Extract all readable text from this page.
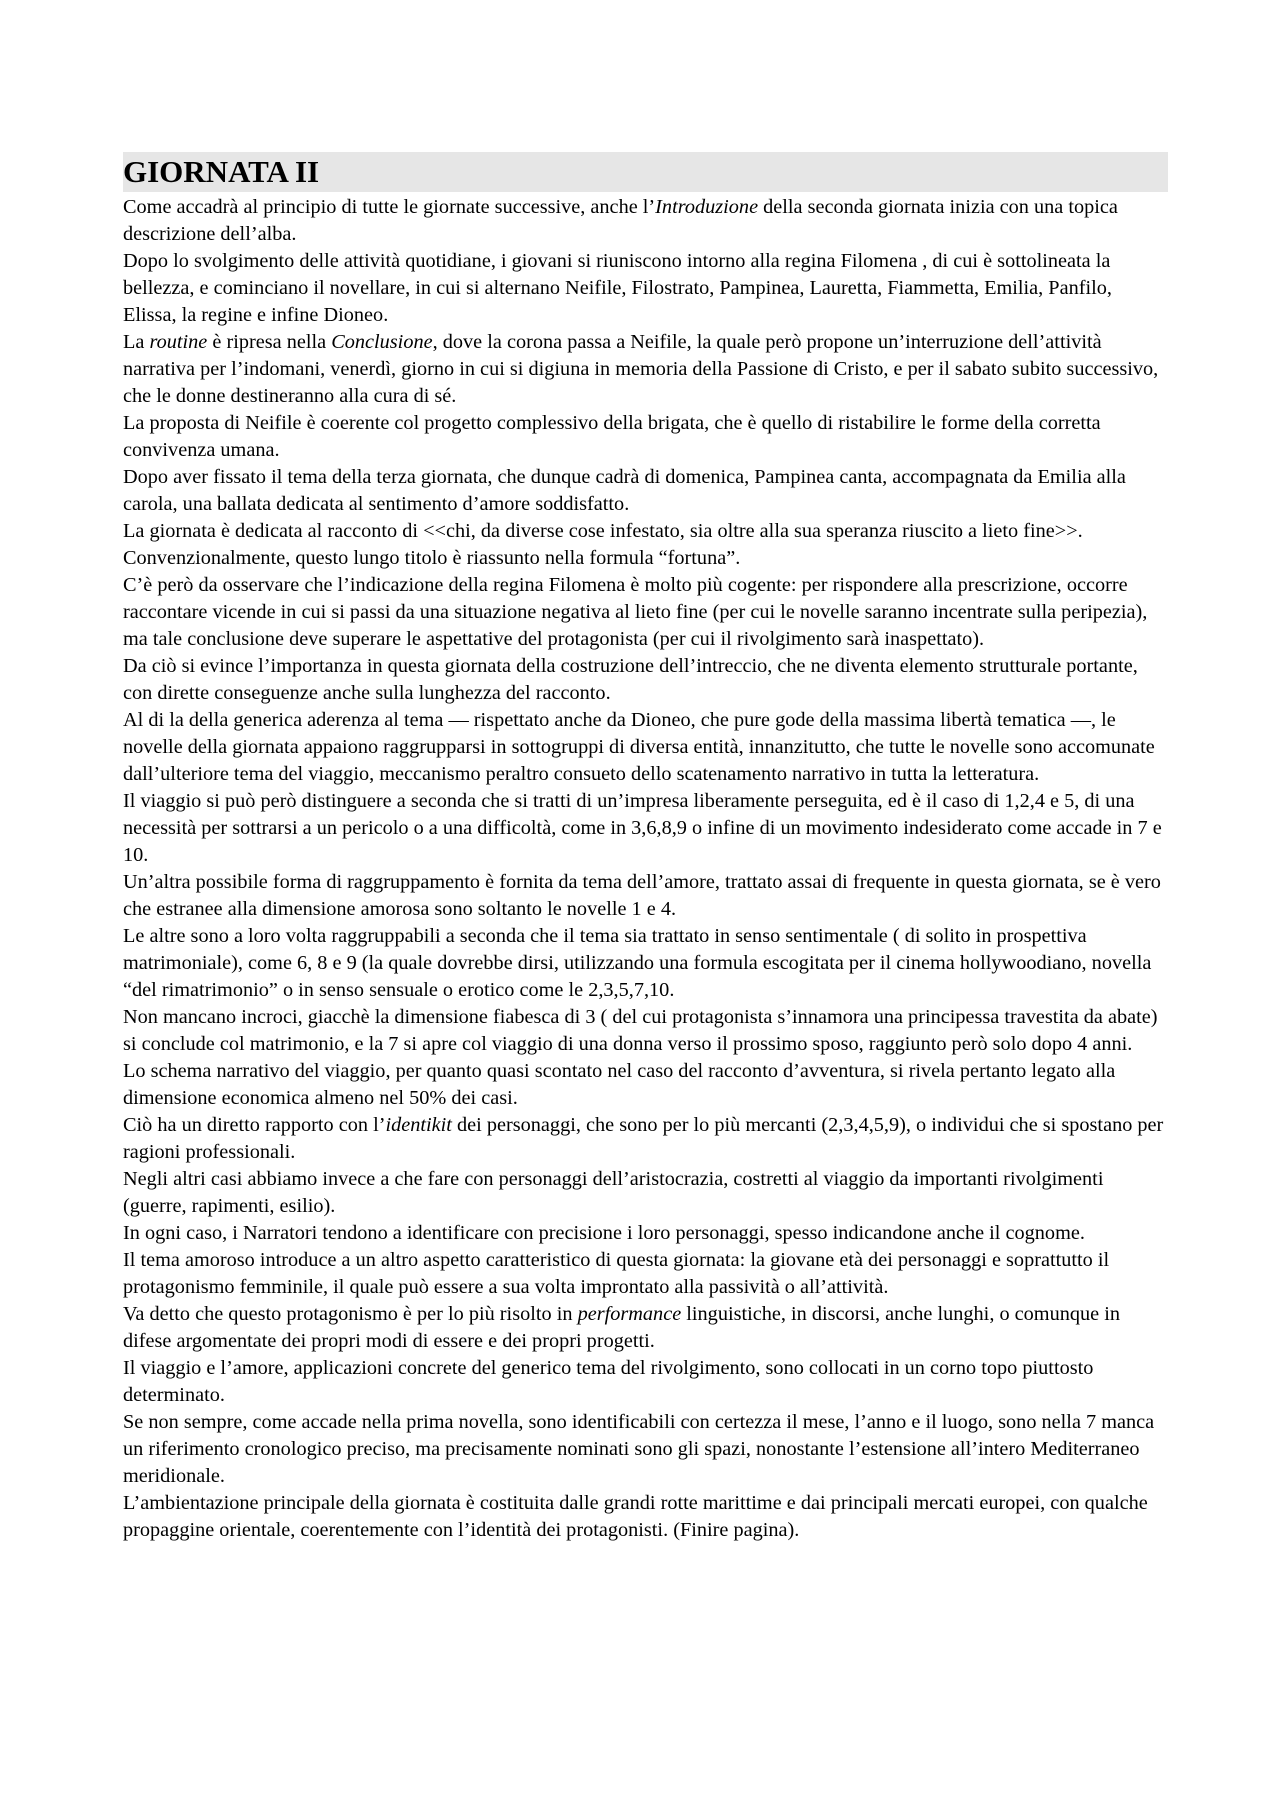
GIORNATA II

Come accadrà al principio di tutte le giornate successive, anche l’Introduzione della seconda giornata inizia con una topica descrizione dell’alba.

Dopo lo svolgimento delle attività quotidiane, i giovani si riuniscono intorno alla regina Filomena , di cui è sottolineata la bellezza, e cominciano il novellare, in cui si alternano Neifile, Filostrato, Pampinea, Lauretta, Fiammetta, Emilia, Panfilo, Elissa, la regine e infine Dioneo.

La routine è ripresa nella Conclusione, dove la corona passa a Neifile, la quale però propone un’interruzione dell’attività narrativa per l’indomani, venerdì, giorno in cui si digiuna in memoria della Passione di Cristo, e per il sabato subito successivo, che le donne destineranno alla cura di sé.

La proposta di Neifile è coerente col progetto complessivo della brigata, che è quello di ristabilire le forme della corretta convivenza umana.

Dopo aver fissato il tema della terza giornata, che dunque cadrà di domenica, Pampinea canta, accompagnata da Emilia alla carola, una ballata dedicata al sentimento d’amore soddisfatto.

La giornata è dedicata al racconto di <<chi, da diverse cose infestato, sia oltre alla sua speranza riuscito a lieto fine>>.

Convenzionalmente, questo lungo titolo è riassunto nella formula “fortuna”.

C’è però da osservare che l’indicazione della regina Filomena è molto più cogente: per rispondere alla prescrizione, occorre raccontare vicende in cui si passi da una situazione negativa al lieto fine (per cui le novelle saranno incentrate sulla peripezia), ma tale conclusione deve superare le aspettative del protagonista (per cui il rivolgimento sarà inaspettato).

Da ciò si evince l’importanza in questa giornata della costruzione dell’intreccio, che ne diventa elemento strutturale portante, con dirette conseguenze anche sulla lunghezza del racconto.

Al di la della generica aderenza al tema — rispettato anche da Dioneo, che pure gode della massima libertà tematica —, le novelle della giornata appaiono raggrupparsi in sottogruppi di diversa entità, innanzitutto, che tutte le novelle sono accomunate dall’ulteriore tema del viaggio, meccanismo peraltro consueto dello scatenamento narrativo in tutta la letteratura.

Il viaggio si può però distinguere a seconda che si tratti di un’impresa liberamente perseguita, ed è il caso di 1,2,4 e 5, di una necessità per sottrarsi a un pericolo o a una difficoltà, come in 3,6,8,9 o infine di un movimento indesiderato come accade in 7 e 10.

Un’altra possibile forma di raggruppamento è fornita da tema dell’amore, trattato assai di frequente in questa giornata, se è vero che estranee alla dimensione amorosa sono soltanto le novelle 1 e 4.

Le altre sono a loro volta raggruppabili a seconda che il tema sia trattato in senso sentimentale ( di solito in prospettiva matrimoniale), come 6, 8 e 9 (la quale dovrebbe dirsi, utilizzando una formula escogitata per il cinema hollywoodiano, novella “del rimatrimonio” o in senso sensuale o erotico come le 2,3,5,7,10.

Non mancano incroci, giacchè la dimensione fiabesca di 3 ( del cui protagonista s’innamora una principessa travestita da abate) si conclude col matrimonio, e la 7 si apre col viaggio di una donna verso il prossimo sposo, raggiunto però solo dopo 4 anni.

Lo schema narrativo del viaggio, per quanto quasi scontato nel caso del racconto d’avventura, si rivela pertanto legato alla dimensione economica almeno nel 50% dei casi.

Ciò ha un diretto rapporto con l’identikit dei personaggi, che sono per lo più mercanti (2,3,4,5,9), o individui che si spostano per ragioni professionali.

Negli altri casi abbiamo invece a che fare con personaggi dell’aristocrazia, costretti al viaggio da importanti rivolgimenti (guerre, rapimenti, esilio).

In ogni caso, i Narratori tendono a identificare con precisione i loro personaggi, spesso indicandone anche il cognome.

Il tema amoroso introduce a un altro aspetto caratteristico di questa giornata: la giovane età dei personaggi e soprattutto il protagonismo femminile, il quale può essere a sua volta improntato alla passività o all’attività.

Va detto che questo protagonismo è per lo più risolto in performance linguistiche, in discorsi, anche lunghi, o comunque in difese argomentate dei propri modi di essere e dei propri progetti.

Il viaggio e l’amore, applicazioni concrete del generico tema del rivolgimento, sono collocati in un corno topo piuttosto determinato.

Se non sempre, come accade nella prima novella, sono identificabili con certezza il mese, l’anno e il luogo, sono nella 7 manca un riferimento cronologico preciso, ma precisamente nominati sono gli spazi, nonostante l’estensione all’intero Mediterraneo meridionale.

L’ambientazione principale della giornata è costituita dalle grandi rotte marittime e dai principali mercati europei, con qualche propaggine orientale, coerentemente con l’identità dei protagonisti. (Finire pagina).
